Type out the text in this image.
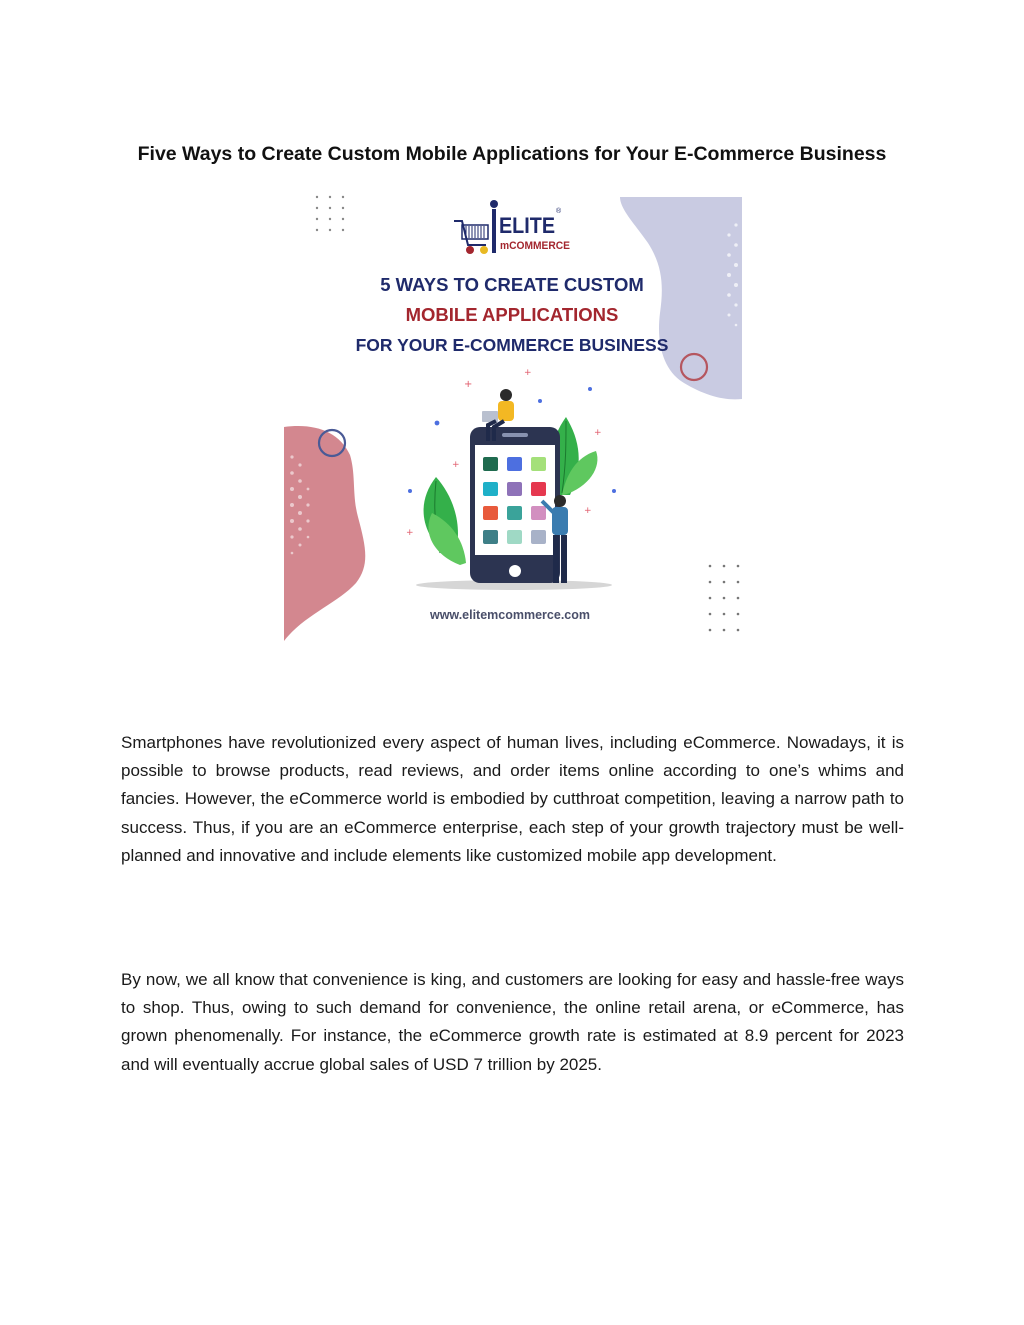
Five Ways to Create Custom Mobile Applications for Your E-Commerce Business
ELITE
®
mCOMMERCE
5 WAYS TO CREATE CUSTOM
MOBILE APPLICATIONS
FOR YOUR E-COMMERCE BUSINESS
+
+
+
+
+
+
www.elitemcommerce.com

Smartphones have revolutionized every aspect of human lives, including eCommerce. Nowadays, it is possible to browse products, read reviews, and order items online according to one’s whims and fancies. However, the eCommerce world is embodied by cutthroat competition, leaving a narrow path to success. Thus, if you are an eCommerce enterprise, each step of your growth trajectory must be well-planned and innovative and include elements like customized mobile app development.

By now, we all know that convenience is king, and customers are looking for easy and hassle-free ways to shop. Thus, owing to such demand for convenience, the online retail arena, or eCommerce, has grown phenomenally. For instance, the eCommerce growth rate is estimated at 8.9 percent for 2023 and will eventually accrue global sales of USD 7 trillion by 2025.
